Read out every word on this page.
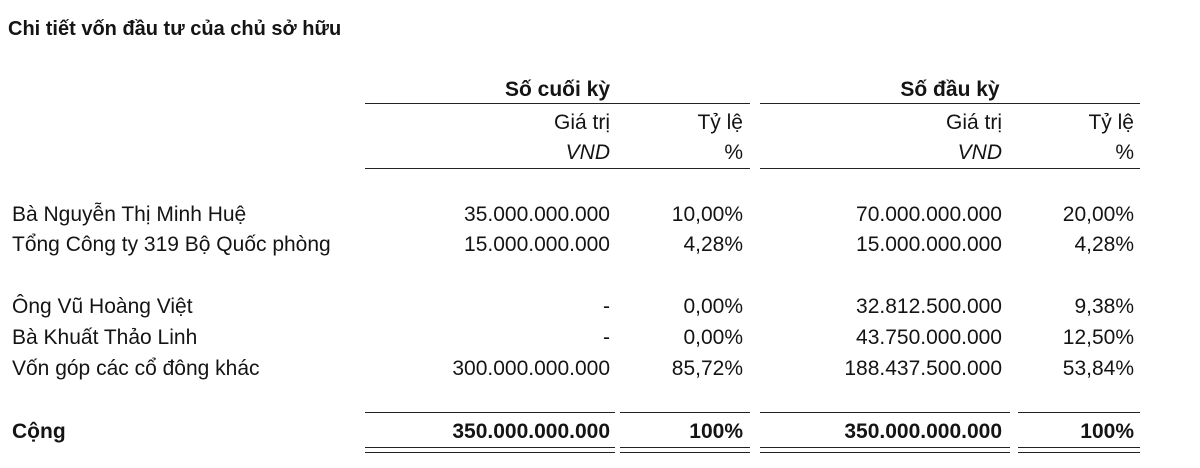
Chi tiết vốn đầu tư của chủ sở hữu
Số cuối kỳ	Số đầu kỳ
Giá trị	Tỷ lệ	Giá trị	Tỷ lệ
VND	%	VND	%
Bà Nguyễn Thị Minh Huệ	35.000.000.000	10,00%	70.000.000.000	20,00%
Tổng Công ty 319 Bộ Quốc phòng	15.000.000.000	4,28%	15.000.000.000	4,28%
Ông Vũ Hoàng Việt	-	0,00%	32.812.500.000	9,38%
Bà Khuất Thảo Linh	-	0,00%	43.750.000.000	12,50%
Vốn góp các cổ đông khác	300.000.000.000	85,72%	188.437.500.000	53,84%
Cộng	350.000.000.000	100%	350.000.000.000	100%
